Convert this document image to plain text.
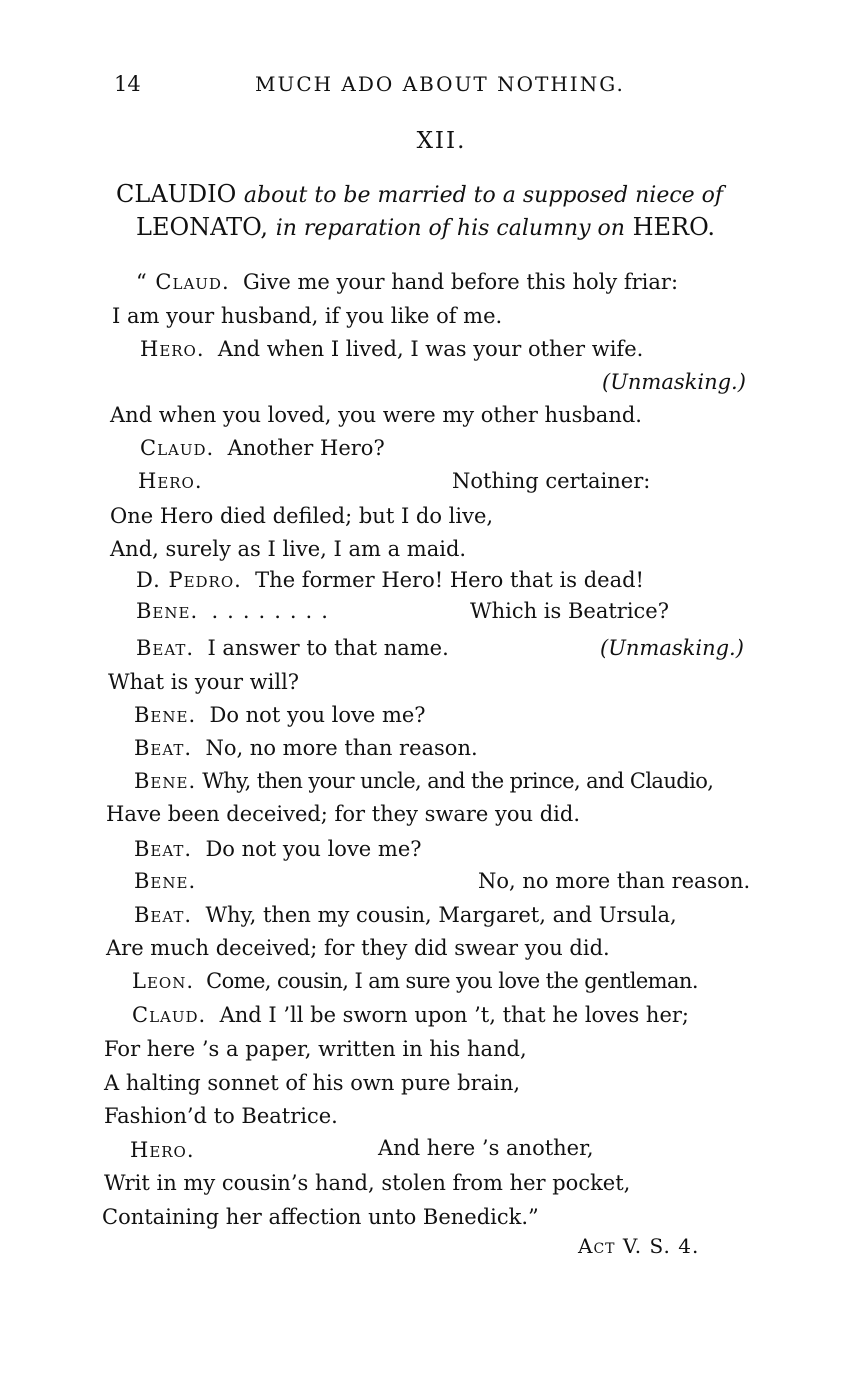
14	MUCH ADO ABOUT NOTHING.
XII.
CLAUDIO about to be married to a supposed niece of
LEONATO, in reparation of his calumny on HERO.
“ Claud. Give me your hand before this holy friar:
I am your husband, if you like of me.
Hero. And when I lived, I was your other wife.
(Unmasking.)
And when you loved, you were my other husband.
Claud. Another Hero?
Hero.	Nothing certainer:
One Hero died defiled; but I do live,
And, surely as I live, I am a maid.
D. Pedro. The former Hero! Hero that is dead!
Bene. ........	Which is Beatrice?
Beat. I answer to that name.	(Unmasking.)
What is your will?
Bene. Do not you love me?
Beat. No, no more than reason.
Bene. Why, then your uncle, and the prince, and Claudio,
Have been deceived; for they sware you did.
Beat. Do not you love me?
Bene.	No, no more than reason.
Beat. Why, then my cousin, Margaret, and Ursula,
Are much deceived; for they did swear you did.
Leon. Come, cousin, I am sure you love the gentleman.
Claud. And I ’ll be sworn upon ’t, that he loves her;
For here ’s a paper, written in his hand,
A halting sonnet of his own pure brain,
Fashion’d to Beatrice.
Hero.	And here ’s another,
Writ in my cousin’s hand, stolen from her pocket,
Containing her affection unto Benedick.”
Act V. S. 4.
